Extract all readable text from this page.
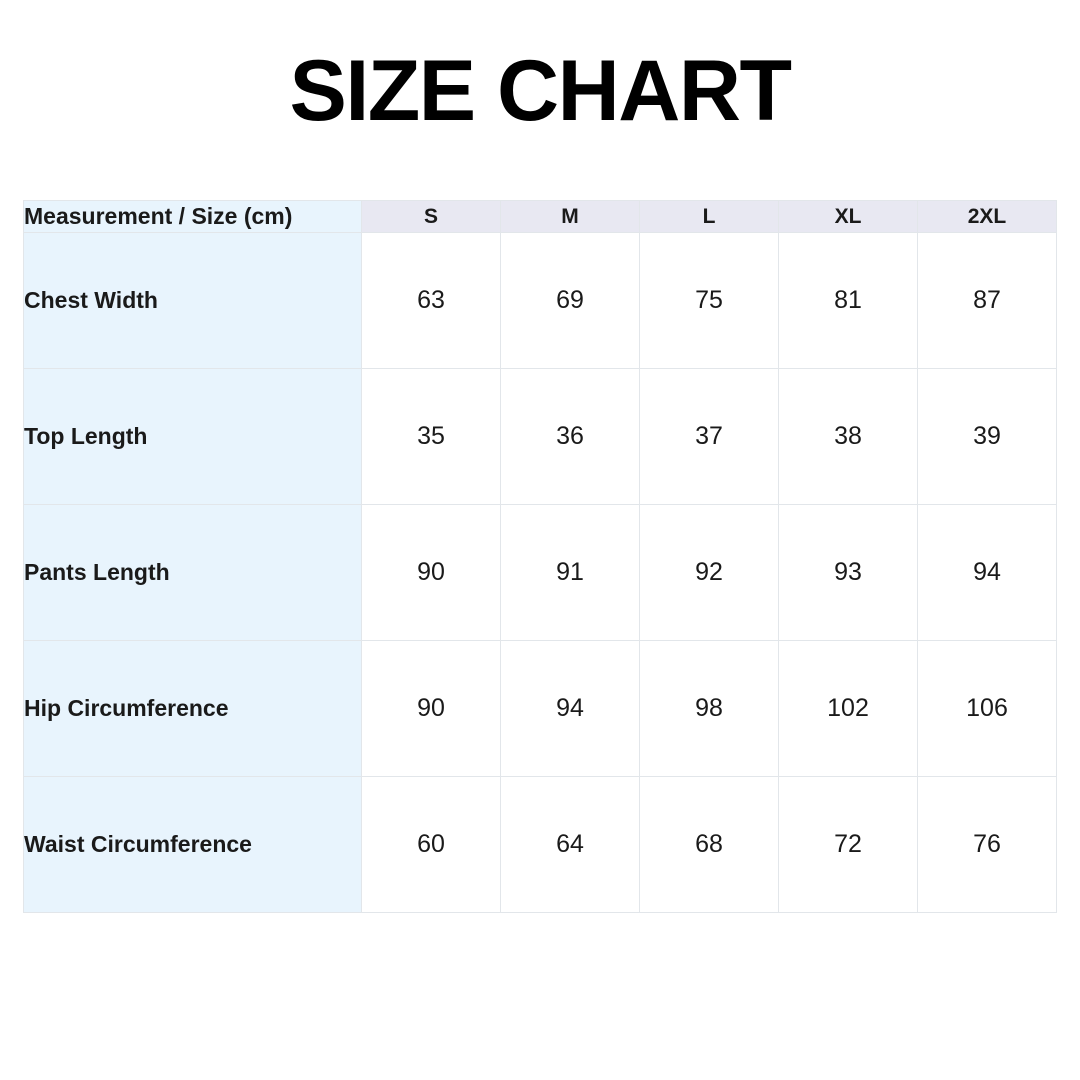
SIZE CHART
Measurement / Size (cm)	S	M	L	XL	2XL
Chest Width	63	69	75	81	87
Top Length	35	36	37	38	39
Pants Length	90	91	92	93	94
Hip Circumference	90	94	98	102	106
Waist Circumference	60	64	68	72	76
